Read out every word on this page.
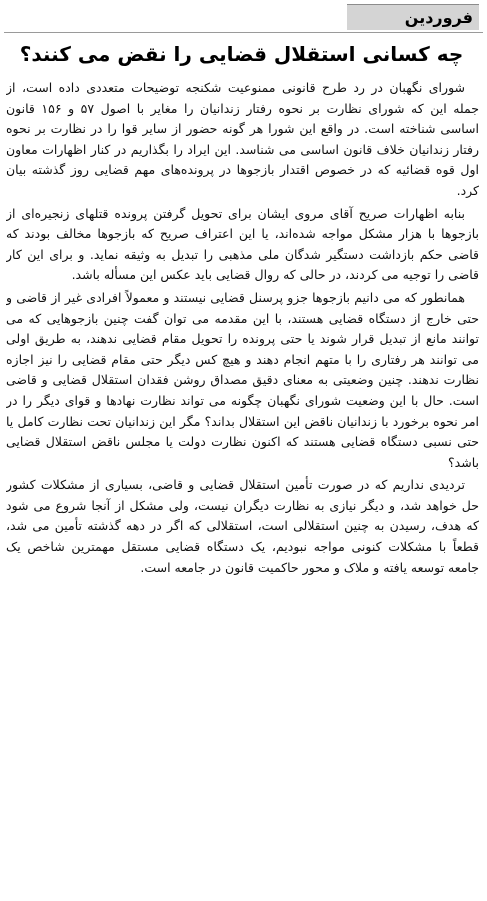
فروردین
چه کسانی استقلال قضایی را نقض می کنند؟

شورای نگهبان در رد طرح قانونی ممنوعیت شکنجه توضیحات متعددی داده است، از جمله این که شورای نظارت بر نحوه رفتار زندانیان را مغایر با اصول ۵۷ و ۱۵۶ قانون اساسی شناخته است. در واقع این شورا هر گونه حضور از سایر قوا را در نظارت بر نحوه رفتار زندانیان خلاف قانون اساسی می شناسد. این ایراد را بگذاریم در کنار اظهارات معاون اول قوه قضائیه که در خصوص اقتدار بازجوها در پرونده‌های مهم قضایی روز گذشته بیان کرد.

بنابه اظهارات صریح آقای مروی ایشان برای تحویل گرفتن پرونده قتلهای زنجیره‌ای از بازجوها با هزار مشکل مواجه شده‌اند، یا این اعتراف صریح که بازجوها مخالف بودند که قاضی حکم بازداشت دستگیر شدگان ملی مذهبی را تبدیل به وثیقه نماید. و برای این کار قاضی را توجیه می کردند، در حالی که روال قضایی باید عکس این مسأله باشد.

همانطور که می دانیم بازجوها جزو پرسنل قضایی نیستند و معمولاً افرادی غیر از قاضی و حتی خارج از دستگاه قضایی هستند، با این مقدمه می توان گفت چنین بازجوهایی که می توانند مانع از تبدیل قرار شوند یا حتی پرونده را تحویل مقام قضایی ندهند، به طریق اولی می توانند هر رفتاری را با متهم انجام دهند و هیچ کس دیگر حتی مقام قضایی را نیز اجازه نظارت ندهند. چنین وضعیتی به معنای دقیق مصداق روشن فقدان استقلال قضایی و قاضی است. حال با این وضعیت شورای نگهبان چگونه می تواند نظارت نهادها و قوای دیگر را در امر نحوه برخورد با زندانیان ناقض این استقلال بداند؟ مگر این زندانیان تحت نظارت کامل یا حتی نسبی دستگاه قضایی هستند که اکنون نظارت دولت یا مجلس ناقض استقلال قضایی باشد؟

تردیدی نداریم که در صورت تأمین استقلال قضایی و قاضی، بسیاری از مشکلات کشور حل خواهد شد، و دیگر نیازی به نظارت دیگران نیست، ولی مشکل از آنجا شروع می شود که هدف، رسیدن به چنین استقلالی است، استقلالی که اگر در دهه گذشته تأمین می شد، قطعاً با مشکلات کنونی مواجه نبودیم، یک دستگاه قضایی مستقل مهمترین شاخص یک جامعه توسعه یافته و ملاک و محور حاکمیت قانون در جامعه است.
